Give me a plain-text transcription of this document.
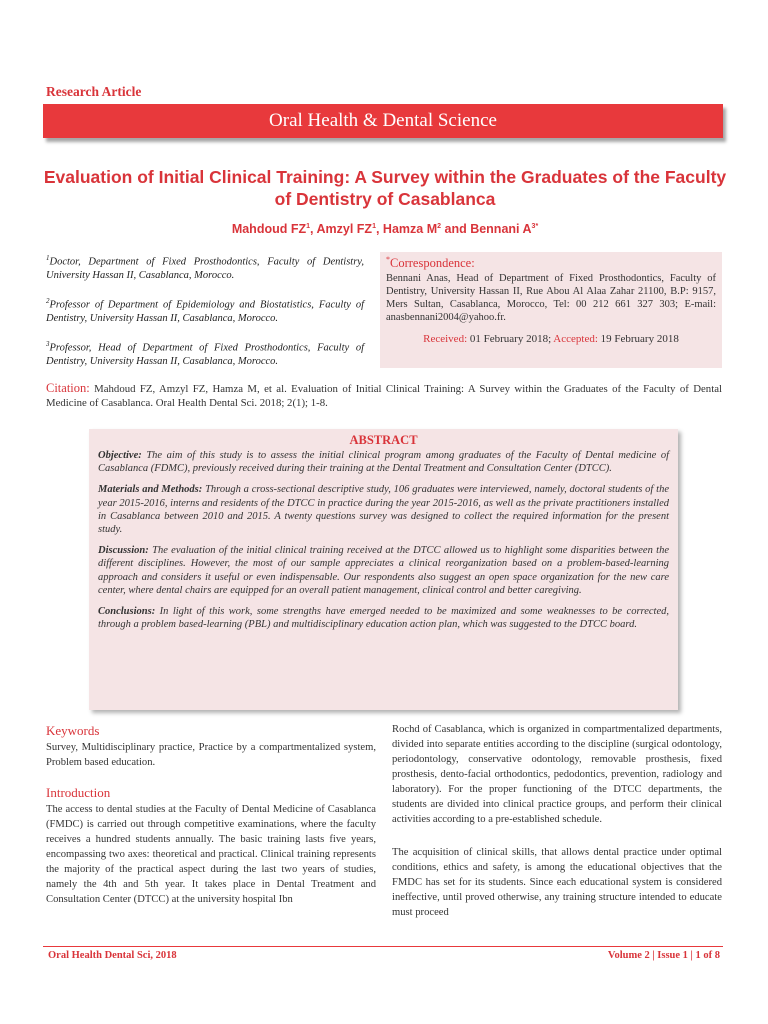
Research Article
Oral Health & Dental Science
Evaluation of Initial Clinical Training: A Survey within the Graduates of the Faculty of Dentistry of Casablanca
Mahdoud $FZ^1$, Amzyl $FZ^1$, Hamza $M^2$ and Bennani $A^{3*}$
$^1$Doctor, Department of Fixed Prosthodontics, Faculty of Dentistry, University Hassan II, Casablanca, Morocco.
$^2$Professor of Department of Epidemiology and Biostatistics, Faculty of Dentistry, University Hassan II, Casablanca, Morocco.
$^3$Professor, Head of Department of Fixed Prosthodontics, Faculty of Dentistry, University Hassan II, Casablanca, Morocco.
*Correspondence:
Bennani Anas, Head of Department of Fixed Prosthodontics, Faculty of Dentistry, University Hassan II, Rue Abou Al Alaa Zahar 21100, B.P: 9157, Mers Sultan, Casablanca, Morocco, Tel: 00 212 661 327 303; E-mail: anasbennani2004@yahoo.fr.
Received: 01 February 2018; Accepted: 19 February 2018
Citation: Mahdoud FZ, Amzyl FZ, Hamza M, et al. Evaluation of Initial Clinical Training: A Survey within the Graduates of the Faculty of Dental Medicine of Casablanca. Oral Health Dental Sci. 2018; 2(1); 1-8.
ABSTRACT

Objective: The aim of this study is to assess the initial clinical program among graduates of the Faculty of Dental medicine of Casablanca (FDMC), previously received during their training at the Dental Treatment and Consultation Center (DTCC).

Materials and Methods: Through a cross-sectional descriptive study, 106 graduates were interviewed, namely, doctoral students of the year 2015-2016, interns and residents of the DTCC in practice during the year 2015-2016, as well as the private practitioners installed in Casablanca between 2010 and 2015. A twenty questions survey was designed to collect the required information for the present study.

Discussion: The evaluation of the initial clinical training received at the DTCC allowed us to highlight some disparities between the different disciplines. However, the most of our sample appreciates a clinical reorganization based on a problem-based-learning approach and considers it useful or even indispensable. Our respondents also suggest an open space organization for the new care center, where dental chairs are equipped for an overall patient management, clinical control and better caregiving.

Conclusions: In light of this work, some strengths have emerged needed to be maximized and some weaknesses to be corrected, through a problem based-learning (PBL) and multidisciplinary education action plan, which was suggested to the DTCC board.

Keywords

Survey, Multidisciplinary practice, Practice by a compartmentalized system, Problem based education.

Introduction

The access to dental studies at the Faculty of Dental Medicine of Casablanca (FMDC) is carried out through competitive examinations, where the faculty receives a hundred students annually. The basic training lasts five years, encompassing two axes: theoretical and practical. Clinical training represents the majority of the practical aspect during the last two years of studies, namely the 4th and 5th year. It takes place in Dental Treatment and Consultation Center (DTCC) at the university hospital Ibn

Rochd of Casablanca, which is organized in compartmentalized departments, divided into separate entities according to the discipline (surgical odontology, periodontology, conservative odontology, removable prosthesis, fixed prosthesis, dento-facial orthodontics, pedodontics, prevention, radiology and laboratory). For the proper functioning of the DTCC departments, the students are divided into clinical practice groups, and perform their clinical activities according to a pre-established schedule.

The acquisition of clinical skills, that allows dental practice under optimal conditions, ethics and safety, is among the educational objectives that the FMDC has set for its students. Since each educational system is considered ineffective, until proved otherwise, any training structure intended to educate must proceed

Oral Health Dental Sci, 2018	Volume 2 | Issue 1 | 1 of 8
